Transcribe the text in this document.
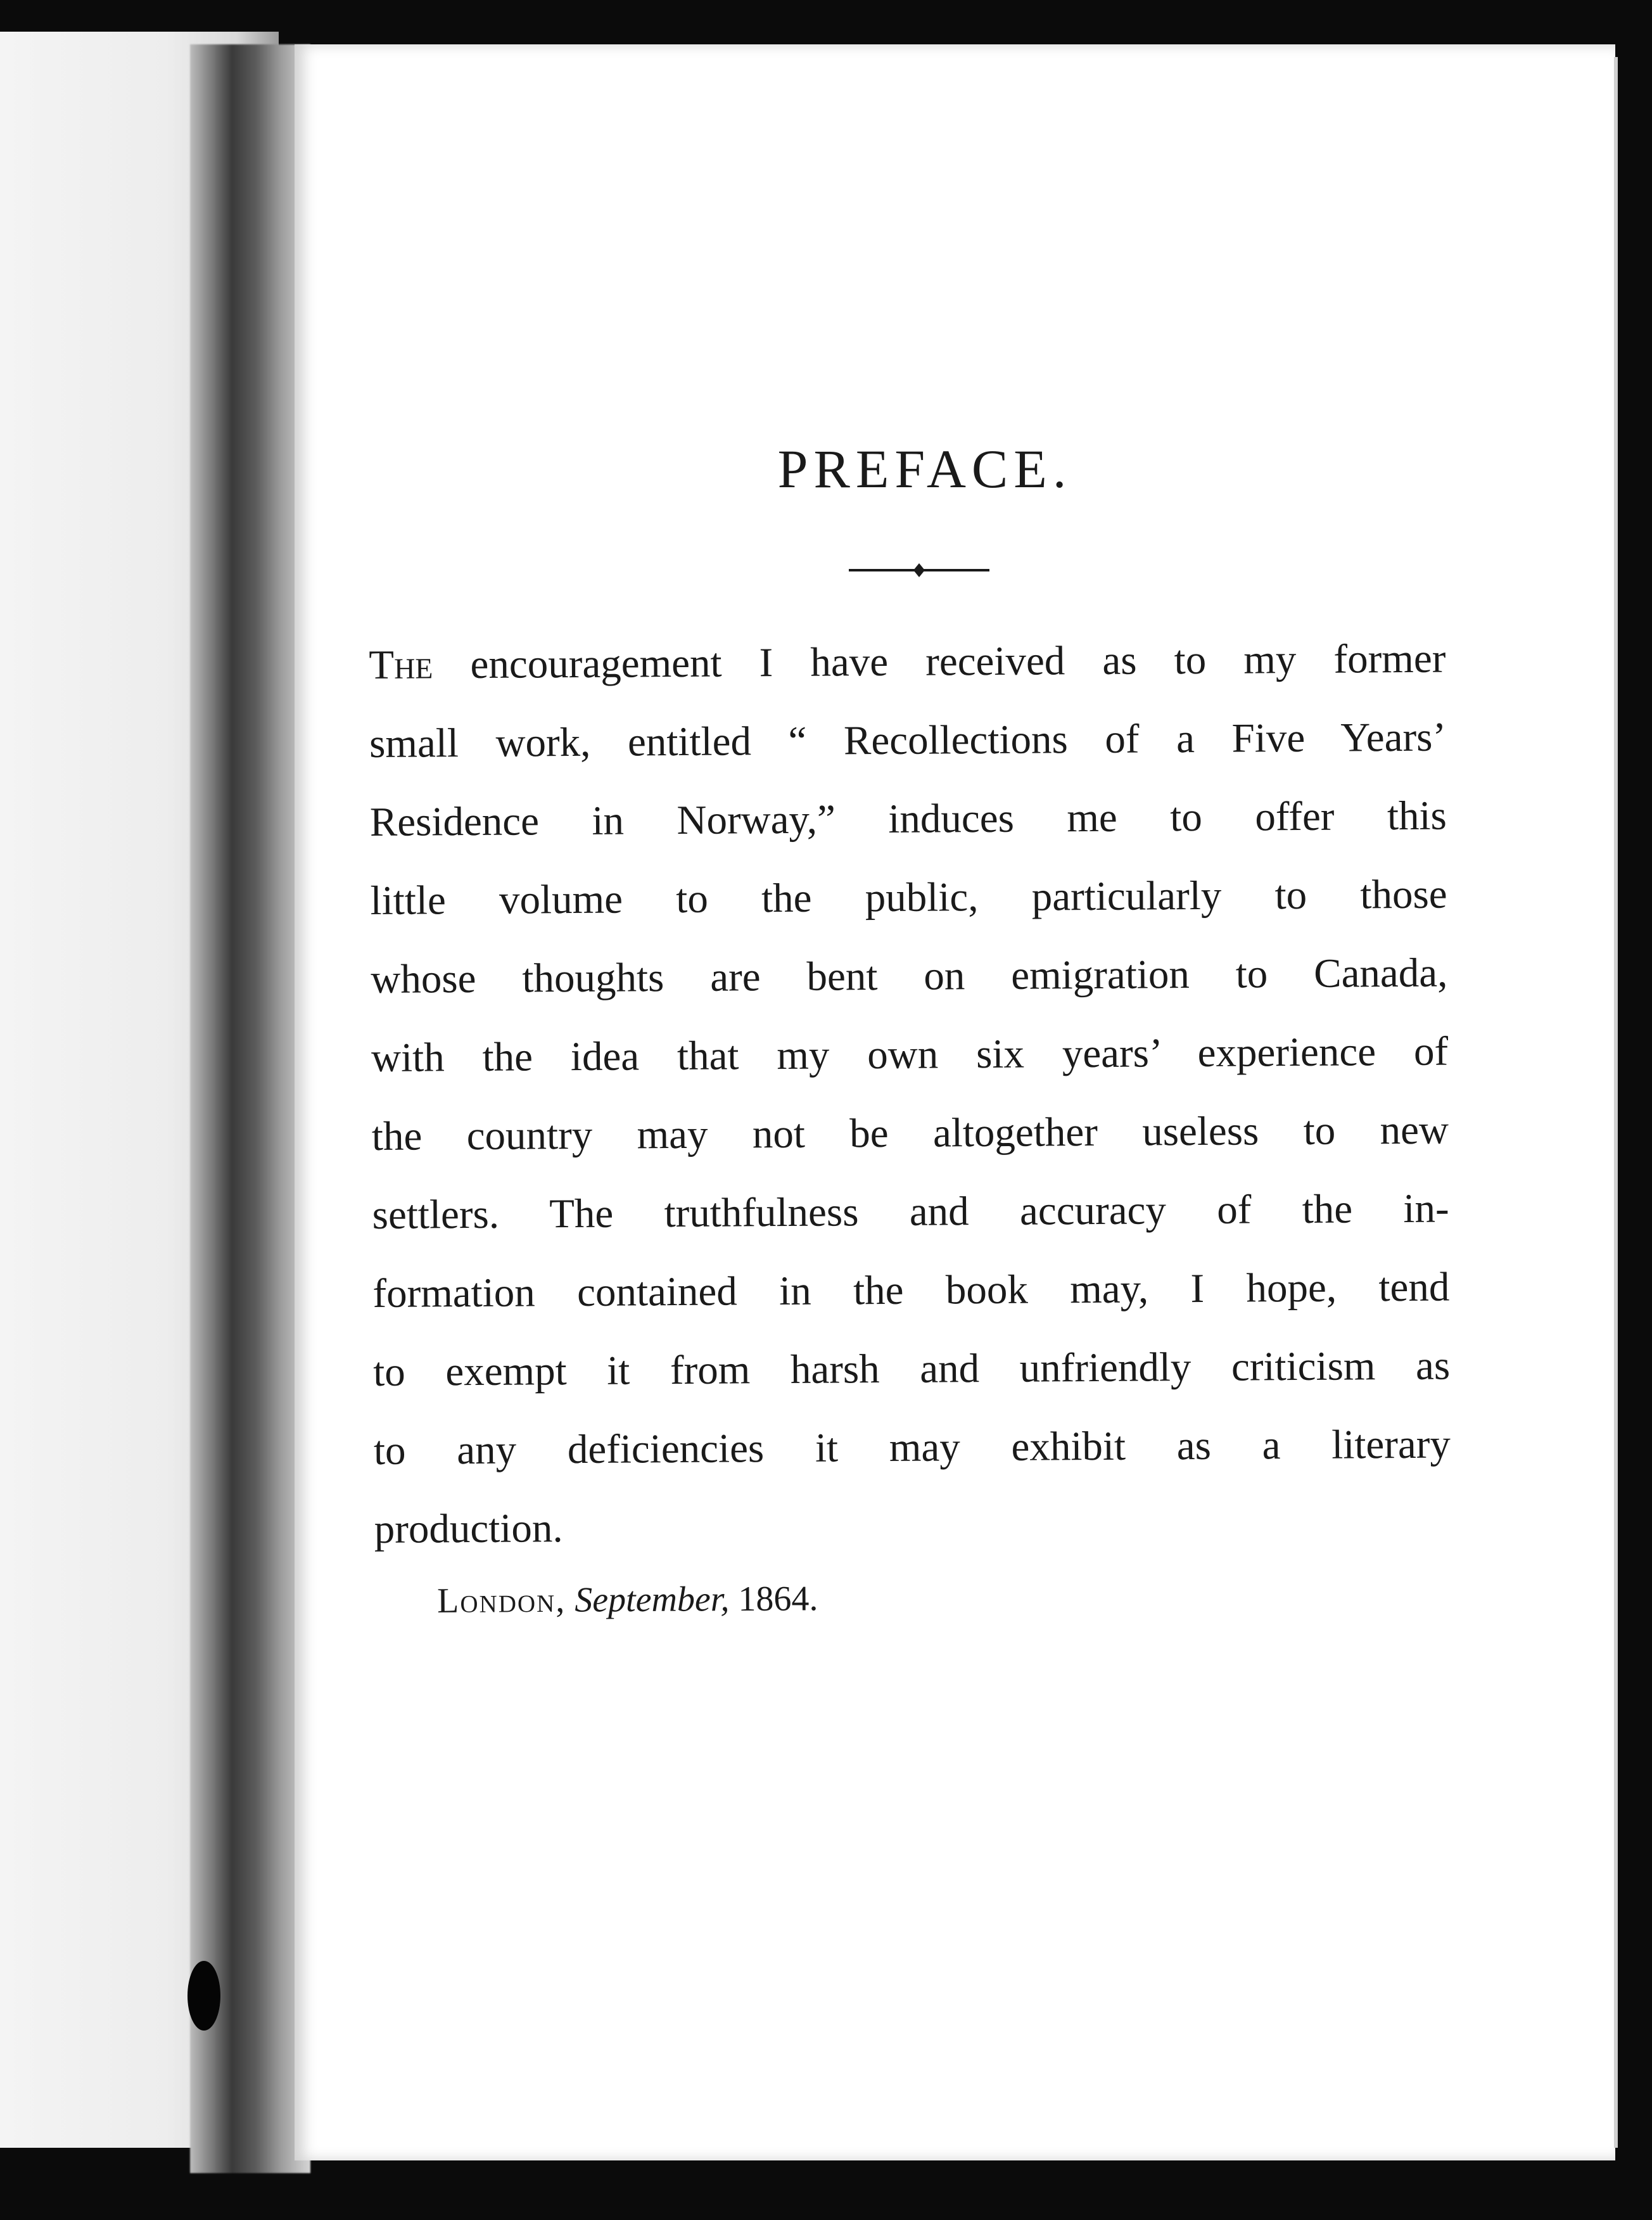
PREFACE.
The encouragement I have received as to my former
small work, entitled “ Recollections of a Five Years’
Residence in Norway,” induces me to offer this
little volume to the public, particularly to those
whose thoughts are bent on emigration to Canada,
with the idea that my own six years’ experience of
the country may not be altogether useless to new
settlers. The truthfulness and accuracy of the in-
formation contained in the book may, I hope, tend
to exempt it from harsh and unfriendly criticism as
to any deficiencies it may exhibit as a literary
production.
London, September, 1864.
